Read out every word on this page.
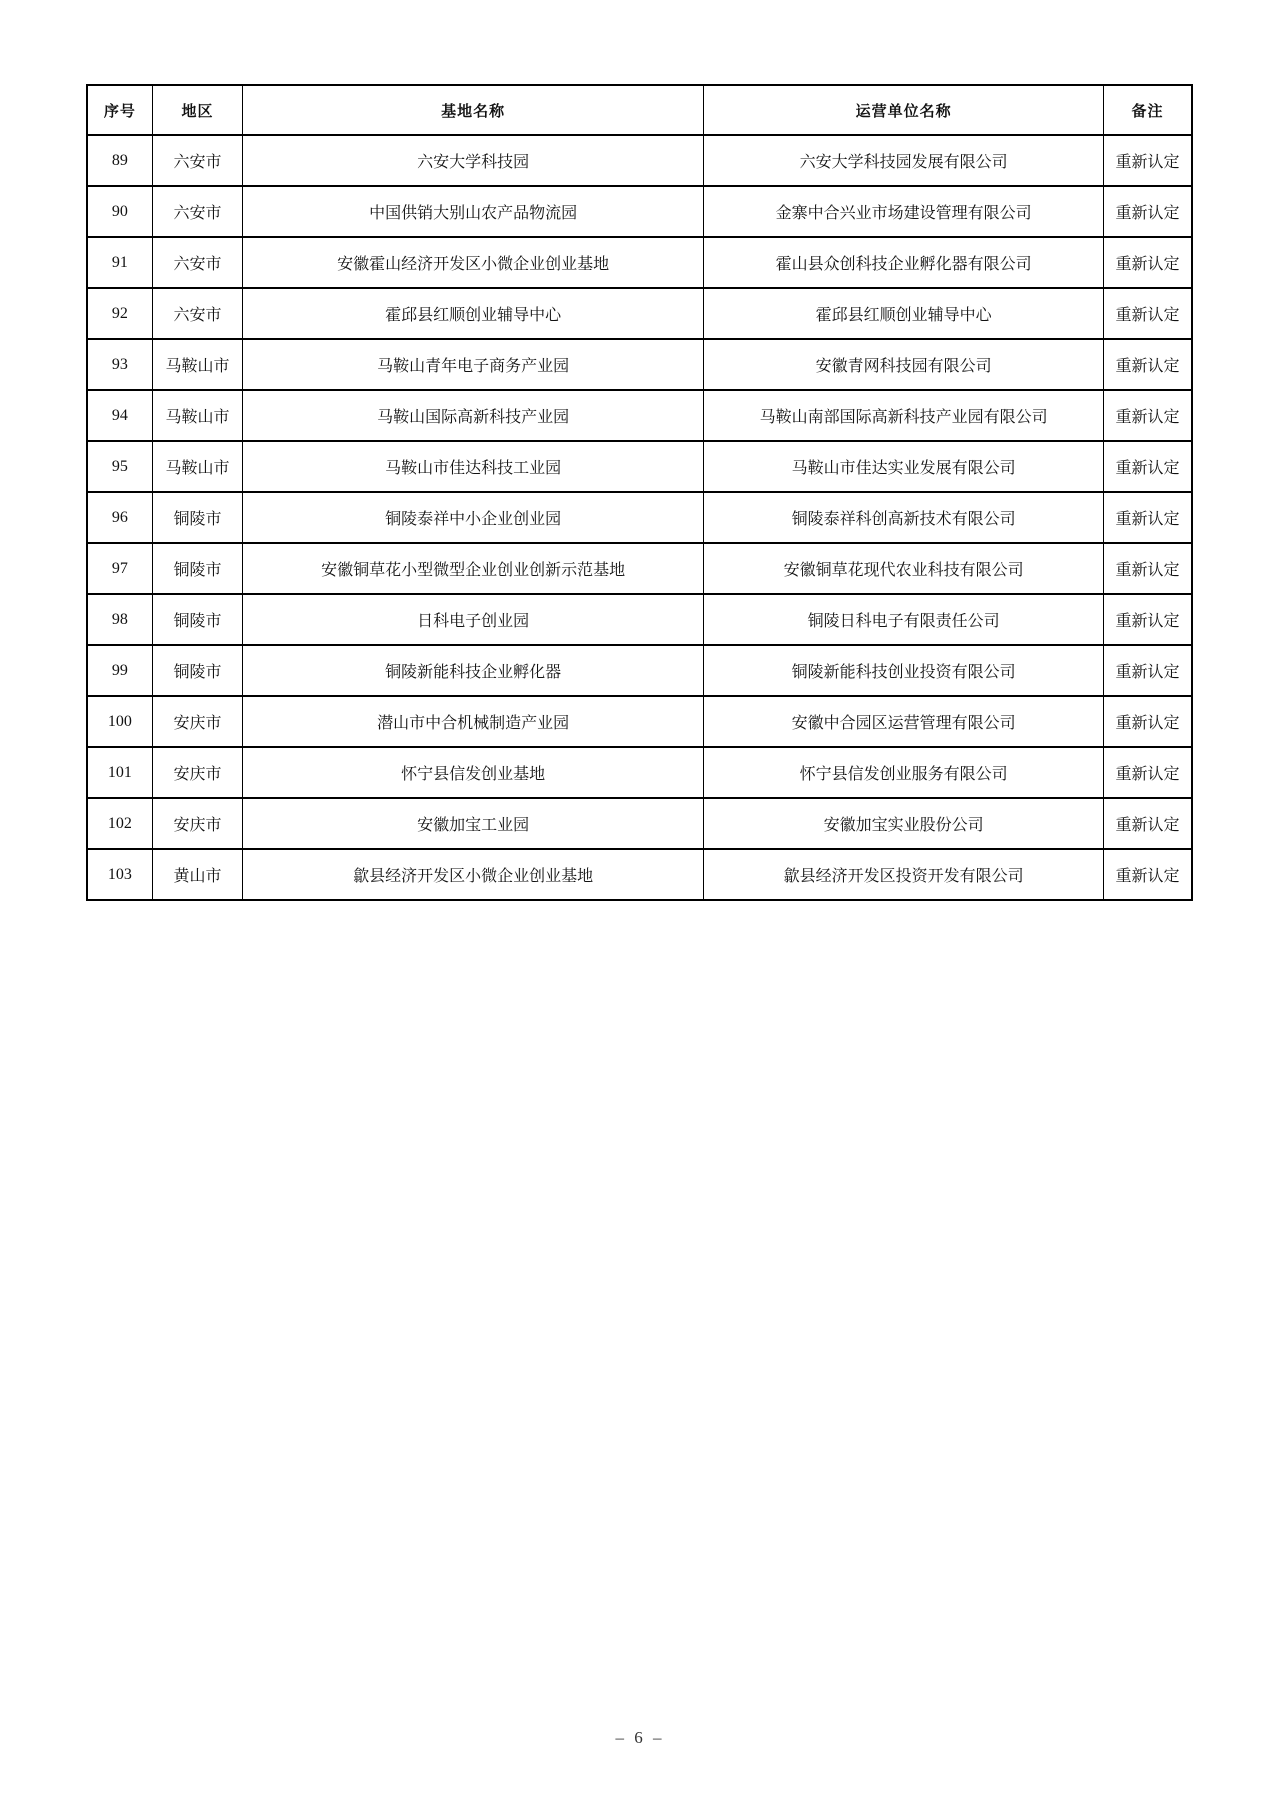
序号	地区	基地名称	运营单位名称	备注
89	六安市	六安大学科技园	六安大学科技园发展有限公司	重新认定
90	六安市	中国供销大别山农产品物流园	金寨中合兴业市场建设管理有限公司	重新认定
91	六安市	安徽霍山经济开发区小微企业创业基地	霍山县众创科技企业孵化器有限公司	重新认定
92	六安市	霍邱县红顺创业辅导中心	霍邱县红顺创业辅导中心	重新认定
93	马鞍山市	马鞍山青年电子商务产业园	安徽青网科技园有限公司	重新认定
94	马鞍山市	马鞍山国际高新科技产业园	马鞍山南部国际高新科技产业园有限公司	重新认定
95	马鞍山市	马鞍山市佳达科技工业园	马鞍山市佳达实业发展有限公司	重新认定
96	铜陵市	铜陵泰祥中小企业创业园	铜陵泰祥科创高新技术有限公司	重新认定
97	铜陵市	安徽铜草花小型微型企业创业创新示范基地	安徽铜草花现代农业科技有限公司	重新认定
98	铜陵市	日科电子创业园	铜陵日科电子有限责任公司	重新认定
99	铜陵市	铜陵新能科技企业孵化器	铜陵新能科技创业投资有限公司	重新认定
100	安庆市	潜山市中合机械制造产业园	安徽中合园区运营管理有限公司	重新认定
101	安庆市	怀宁县信发创业基地	怀宁县信发创业服务有限公司	重新认定
102	安庆市	安徽加宝工业园	安徽加宝实业股份公司	重新认定
103	黄山市	歙县经济开发区小微企业创业基地	歙县经济开发区投资开发有限公司	重新认定
– 6 –
